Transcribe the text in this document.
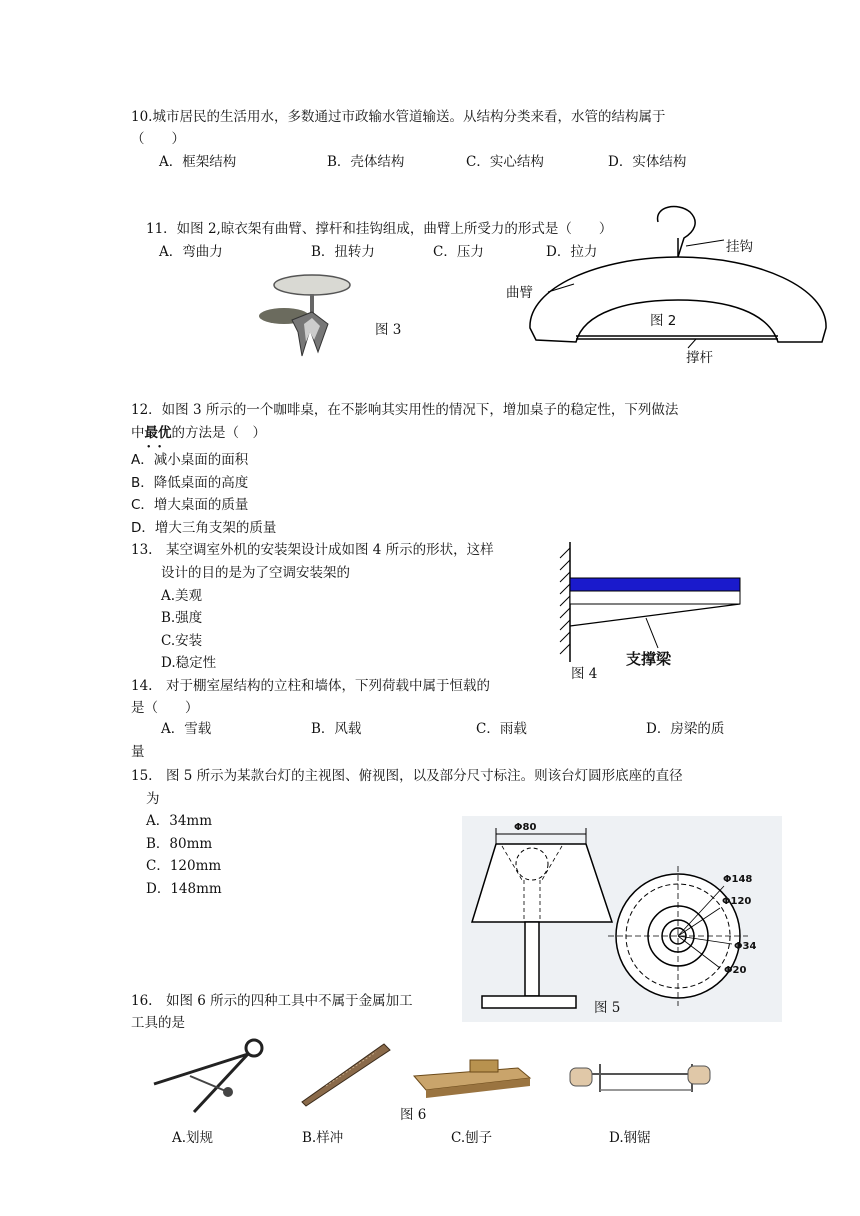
10.城市居民的生活用水，多数通过市政输水管道输送。从结构分类来看，水管的结构属于
（　　）
A．框架结构	B．壳体结构	C．实心结构	D．实体结构
11．如图 2,晾衣架有曲臂、撑杆和挂钩组成，曲臂上所受力的形式是（　　）
A．弯曲力	B．扭转力	C．压力	D．拉力
图 3
挂钩
曲臂
图 2
撑杆
12．如图 3 所示的一个咖啡桌，在不影响其实用性的情况下，增加桌子的稳定性，下列做法
中最优 • •的方法是（　）
A．减小桌面的面积
B．降低桌面的高度
C．增大桌面的质量
D．增大三角支架的质量
13.　某空调室外机的安装架设计成如图 4 所示的形状，这样
设计的目的是为了空调安装架的
A.美观
B.强度
C.安装
D.稳定性	支撑梁
图 4
14.　对于棚室屋结构的立柱和墙体，下列荷载中属于恒载的
是（　　）
A．雪载	B．风载	C．雨载	D．房梁的质
量
15.　图 5 所示为某款台灯的主视图、俯视图，以及部分尺寸标注。则该台灯圆形底座的直径
为
A．34mm
B．80mm
C．120mm
D．148mm
Φ80
Φ148
Φ120
Φ34
Φ20
图 5
16.　如图 6 所示的四种工具中不属于金属加工
工具的是
图 6
A.划规	B.样冲	C.刨子	D.钢锯
